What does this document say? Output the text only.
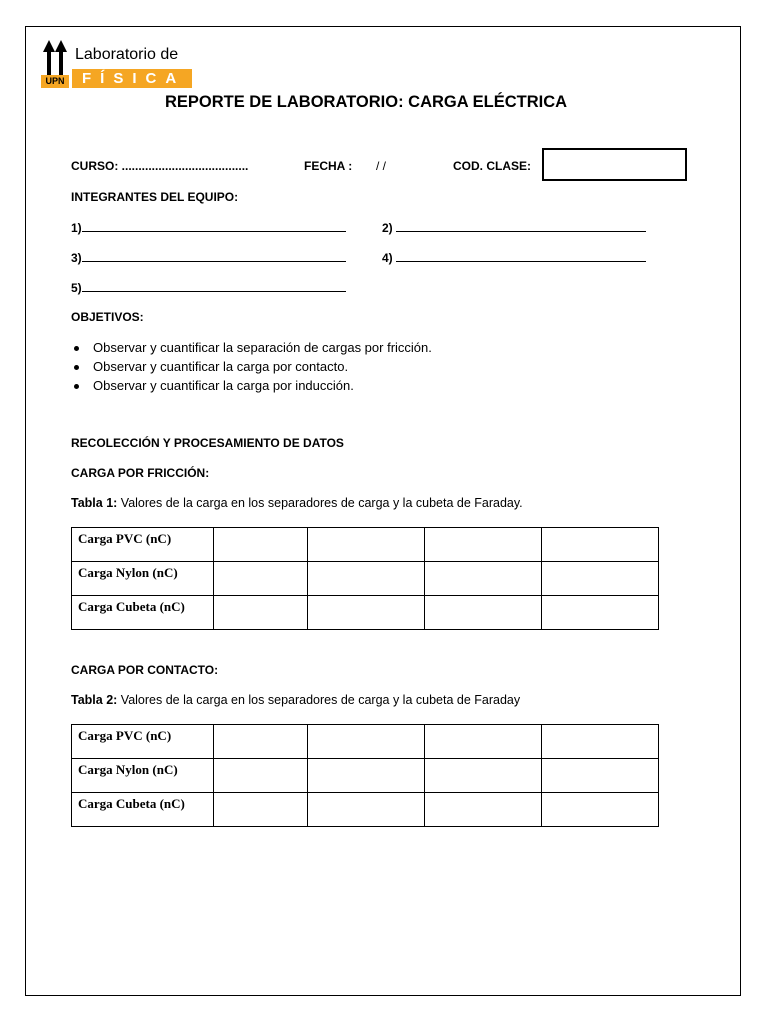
UPN
Laboratorio de
FÍSICA
REPORTE DE LABORATORIO: CARGA ELÉCTRICA
CURSO: ......................................	FECHA : / /	COD. CLASE:
INTEGRANTES DEL EQUIPO:
1)	2)
3)	4)
5)
OBJETIVOS:
Observar y cuantificar la separación de cargas por fricción.
Observar y cuantificar la carga por contacto.
Observar y cuantificar la carga por inducción.
RECOLECCIÓN Y PROCESAMIENTO DE DATOS
CARGA POR FRICCIÓN:
Tabla 1: Valores de la carga en los separadores de carga y la cubeta de Faraday.
Carga PVC (nC)				
Carga Nylon (nC)				
Carga Cubeta (nC)				
CARGA POR CONTACTO:
Tabla 2: Valores de la carga en los separadores de carga y la cubeta de Faraday
Carga PVC (nC)				
Carga Nylon (nC)				
Carga Cubeta (nC)				
